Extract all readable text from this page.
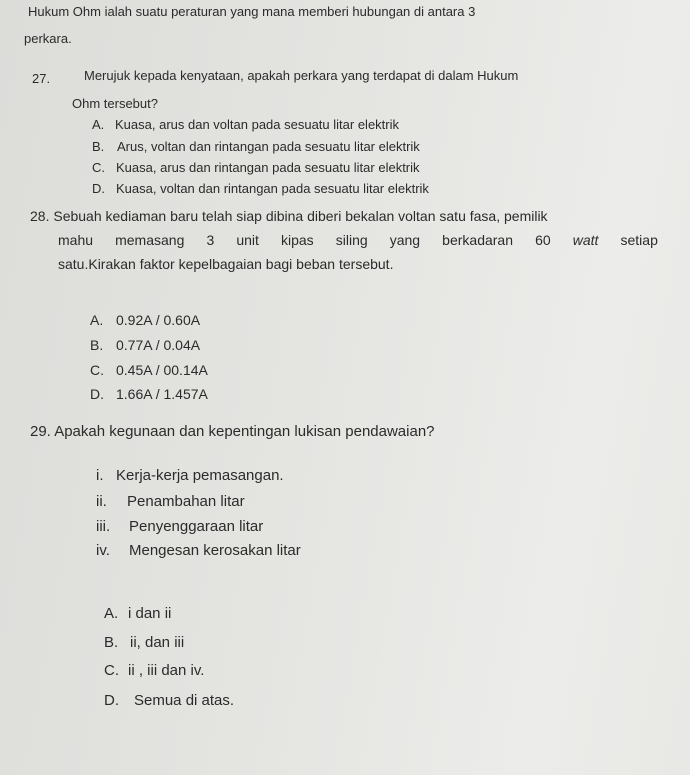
Hukum Ohm ialah suatu peraturan yang mana memberi hubungan di antara 3
perkara.
27.	Merujuk kepada kenyataan, apakah perkara yang terdapat di dalam Hukum
Ohm tersebut?
A. Kuasa, arus dan voltan pada sesuatu litar elektrik
B. Arus, voltan dan rintangan pada sesuatu litar elektrik
C. Kuasa, arus dan rintangan pada sesuatu litar elektrik
D. Kuasa, voltan dan rintangan pada sesuatu litar elektrik
28. Sebuah kediaman baru telah siap dibina diberi bekalan voltan satu fasa, pemilik
mahu memasang 3 unit kipas siling yang berkadaran 60 watt setiap
satu.Kirakan faktor kepelbagaian bagi beban tersebut.
A. 0.92A / 0.60A
B. 0.77A / 0.04A
C. 0.45A / 00.14A
D. 1.66A / 1.457A
29. Apakah kegunaan dan kepentingan lukisan pendawaian?
i. Kerja-kerja pemasangan.
ii.	Penambahan litar
iii.	Penyenggaraan litar
iv.	Mengesan kerosakan litar
A. i dan ii
B. ii, dan iii
C. ii , iii dan iv.
D.	Semua di atas.
